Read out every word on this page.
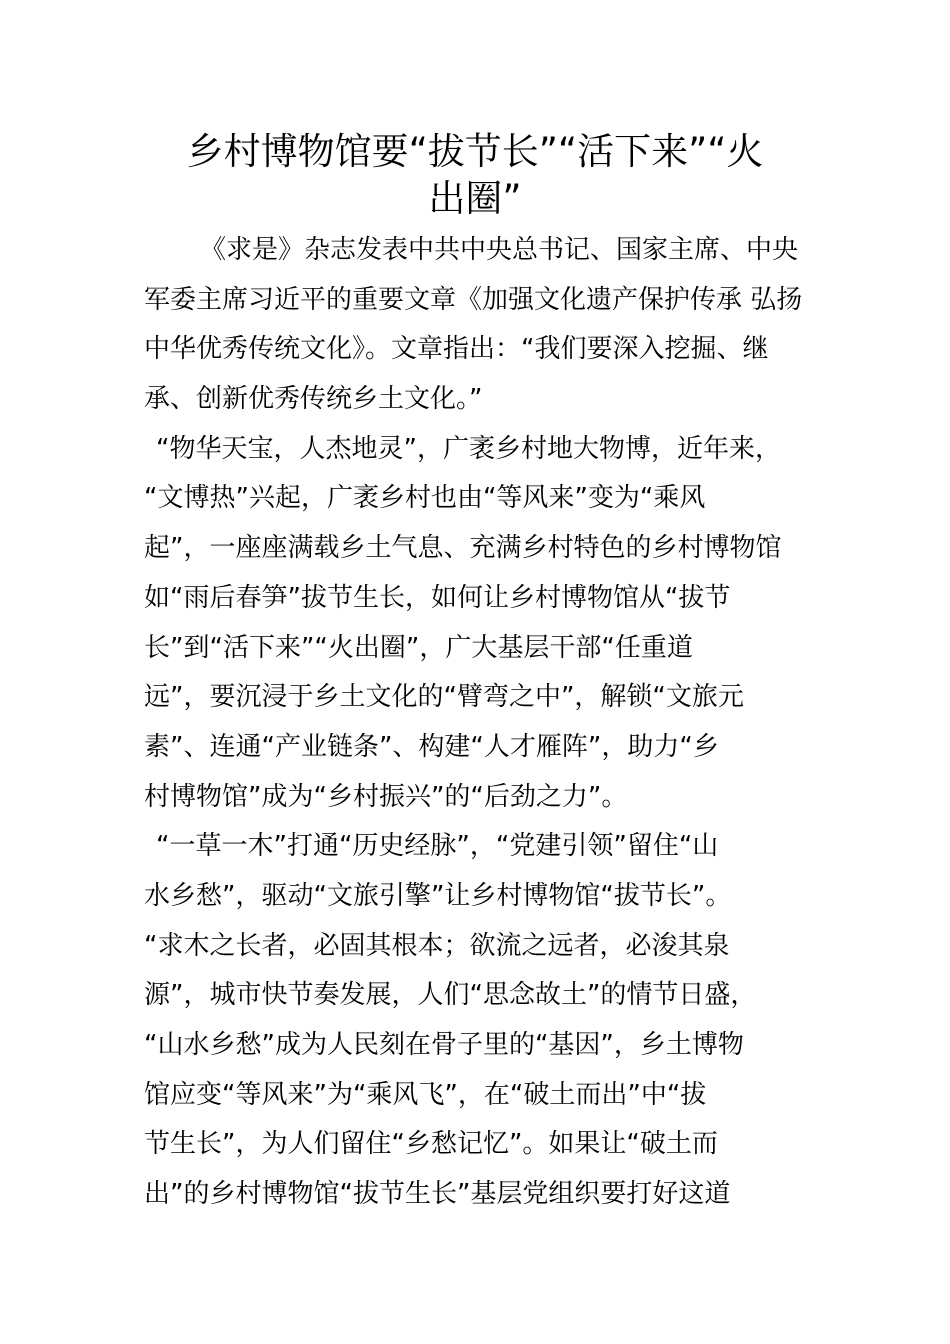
乡村博物馆要“拔节长”“活下来”“火
出圈”
《求是》杂志发表中共中央总书记、国家主席、中央
军委主席习近平的重要文章《加强文化遗产保护传承 弘扬
中华优秀传统文化》。文章指出：“我们要深入挖掘、继
承、创新优秀传统乡土文化。”
“物华天宝，人杰地灵”，广袤乡村地大物博，近年来，
“文博热”兴起，广袤乡村也由“等风来”变为“乘风
起”，一座座满载乡土气息、充满乡村特色的乡村博物馆
如“雨后春笋”拔节生长，如何让乡村博物馆从“拔节
长”到“活下来”“火出圈”，广大基层干部“任重道
远”，要沉浸于乡土文化的“臂弯之中”，解锁“文旅元
素”、连通“产业链条”、构建“人才雁阵”，助力“乡
村博物馆”成为“乡村振兴”的“后劲之力”。
“一草一木”打通“历史经脉”，“党建引领”留住“山
水乡愁”，驱动“文旅引擎”让乡村博物馆“拔节长”。
“求木之长者，必固其根本；欲流之远者，必浚其泉
源”，城市快节奏发展，人们“思念故土”的情节日盛，
“山水乡愁”成为人民刻在骨子里的“基因”，乡土博物
馆应变“等风来”为“乘风飞”，在“破土而出”中“拔
节生长”，为人们留住“乡愁记忆”。如果让“破土而
出”的乡村博物馆“拔节生长”基层党组织要打好这道
